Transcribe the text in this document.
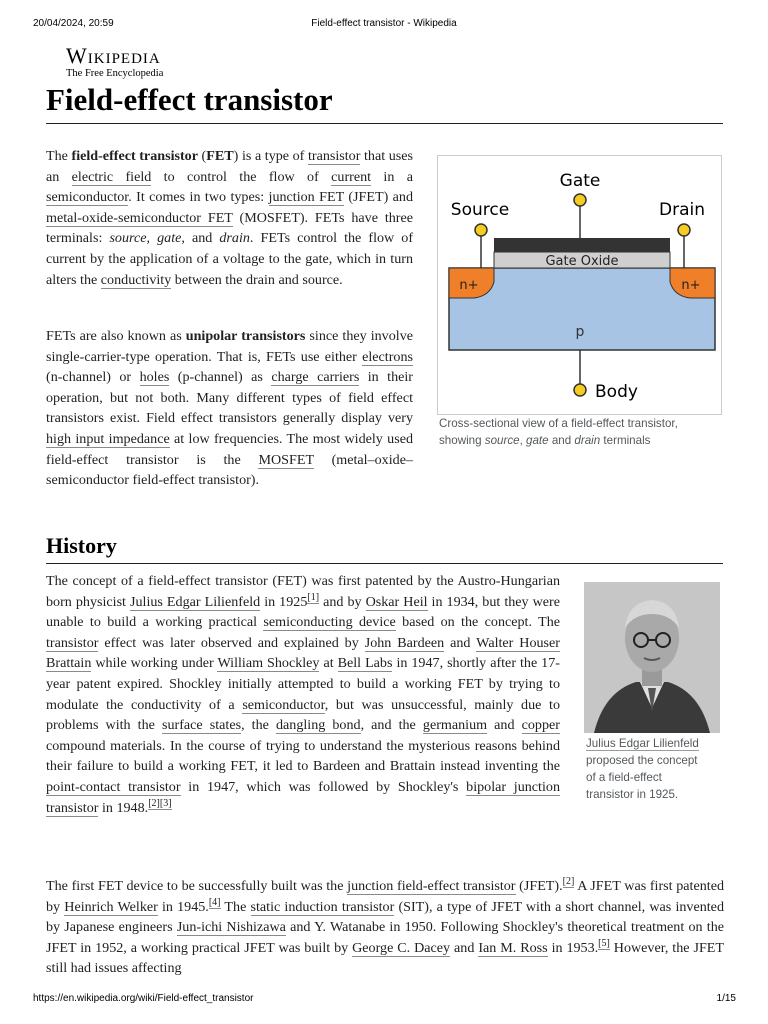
20/04/2024, 20:59	Field-effect transistor - Wikipedia
Wikipedia
The Free Encyclopedia
Field-effect transistor

The field-effect transistor (FET) is a type of transistor that uses an electric field to control the flow of current in a semiconductor. It comes in two types: junction FET (JFET) and metal-oxide-semiconductor FET (MOSFET). FETs have three terminals: source, gate, and drain. FETs control the flow of current by the application of a voltage to the gate, which in turn alters the conductivity between the drain and source.

FETs are also known as unipolar transistors since they involve single-carrier-type operation. That is, FETs use either electrons (n-channel) or holes (p-channel) as charge carriers in their operation, but not both. Many different types of field effect transistors exist. Field effect transistors generally display very high input impedance at low frequencies. The most widely used field-effect transistor is the MOSFET (metal–oxide–semiconductor field-effect transistor).

Gate
Source	Drain
Gate Oxide
n+	n+
p
Body
Cross-sectional view of a field-effect transistor,
showing source, gate and drain terminals
History

The concept of a field-effect transistor (FET) was first patented by the Austro-Hungarian born physicist Julius Edgar Lilienfeld in 1925[1] and by Oskar Heil in 1934, but they were unable to build a working practical semiconducting device based on the concept. The transistor effect was later observed and explained by John Bardeen and Walter Houser Brattain while working under William Shockley at Bell Labs in 1947, shortly after the 17-year patent expired. Shockley initially attempted to build a working FET by trying to modulate the conductivity of a semiconductor, but was unsuccessful, mainly due to problems with the surface states, the dangling bond, and the germanium and copper compound materials. In the course of trying to understand the mysterious reasons behind their failure to build a working FET, it led to Bardeen and Brattain instead inventing the point-contact transistor in 1947, which was followed by Shockley's bipolar junction transistor in 1948.[2][3]

Julius Edgar Lilienfeld
proposed the concept
of a field-effect
transistor in 1925.

The first FET device to be successfully built was the junction field-effect transistor (JFET).[2] A JFET was first patented by Heinrich Welker in 1945.[4] The static induction transistor (SIT), a type of JFET with a short channel, was invented by Japanese engineers Jun-ichi Nishizawa and Y. Watanabe in 1950. Following Shockley's theoretical treatment on the JFET in 1952, a working practical JFET was built by George C. Dacey and Ian M. Ross in 1953.[5] However, the JFET still had issues affecting

https://en.wikipedia.org/wiki/Field-effect_transistor	1/15
